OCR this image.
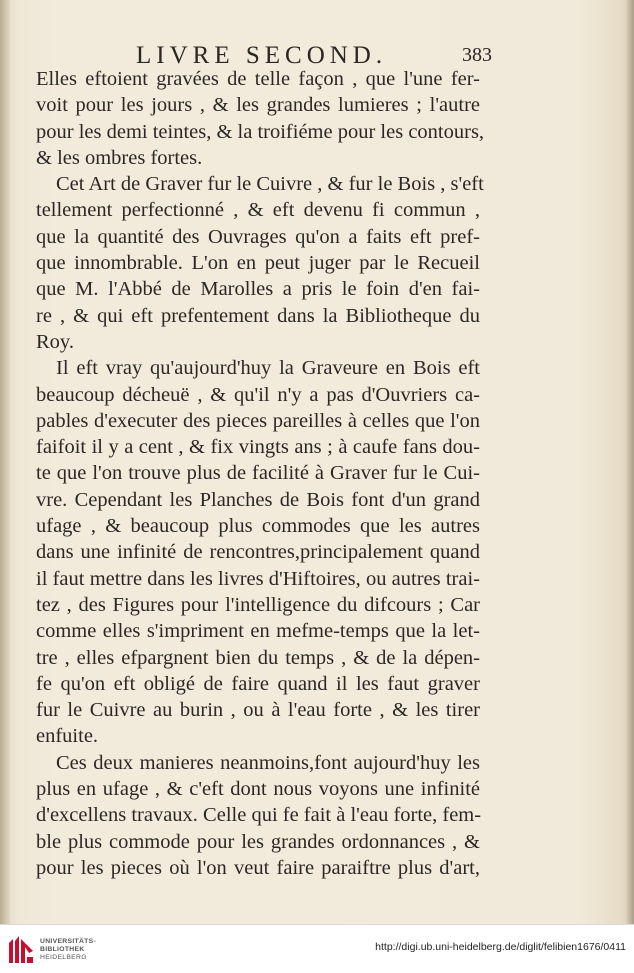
LIVRE SECOND.	383
Elles eftoient gravées de telle façon , que l'une fer-
voit pour les jours , & les grandes lumieres ; l'autre
pour les demi teintes, & la troifiéme pour les contours,
& les ombres fortes.
Cet Art de Graver fur le Cuivre , & fur le Bois , s'eft
tellement perfectionné , & eft devenu fi commun ,
que la quantité des Ouvrages qu'on a faits eft pref-
que innombrable. L'on en peut juger par le Recueil
que M. l'Abbé de Marolles a pris le foin d'en fai-
re , & qui eft prefentement dans la Bibliotheque du
Roy.
Il eft vray qu'aujourd'huy la Graveure en Bois eft
beaucoup décheuë , & qu'il n'y a pas d'Ouvriers ca-
pables d'executer des pieces pareilles à celles que l'on
faifoit il y a cent , & fix vingts ans ; à caufe fans dou-
te que l'on trouve plus de facilité à Graver fur le Cui-
vre. Cependant les Planches de Bois font d'un grand
ufage , & beaucoup plus commodes que les autres
dans une infinité de rencontres,principalement quand
il faut mettre dans les livres d'Hiftoires, ou autres trai-
tez , des Figures pour l'intelligence du difcours ; Car
comme elles s'impriment en mefme-temps que la let-
tre , elles efpargnent bien du temps , & de la dépen-
fe qu'on eft obligé de faire quand il les faut graver
fur le Cuivre au burin , ou à l'eau forte , & les tirer
enfuite.
Ces deux manieres neanmoins,font aujourd'huy les
plus en ufage , & c'eft dont nous voyons une infinité
d'excellens travaux. Celle qui fe fait à l'eau forte, fem-
ble plus commode pour les grandes ordonnances , &
pour les pieces où l'on veut faire paraiftre plus d'art,
UNIVERSITÄTS-
BIBLIOTHEK
HEIDELBERG
http://digi.ub.uni-heidelberg.de/diglit/felibien1676/0411
